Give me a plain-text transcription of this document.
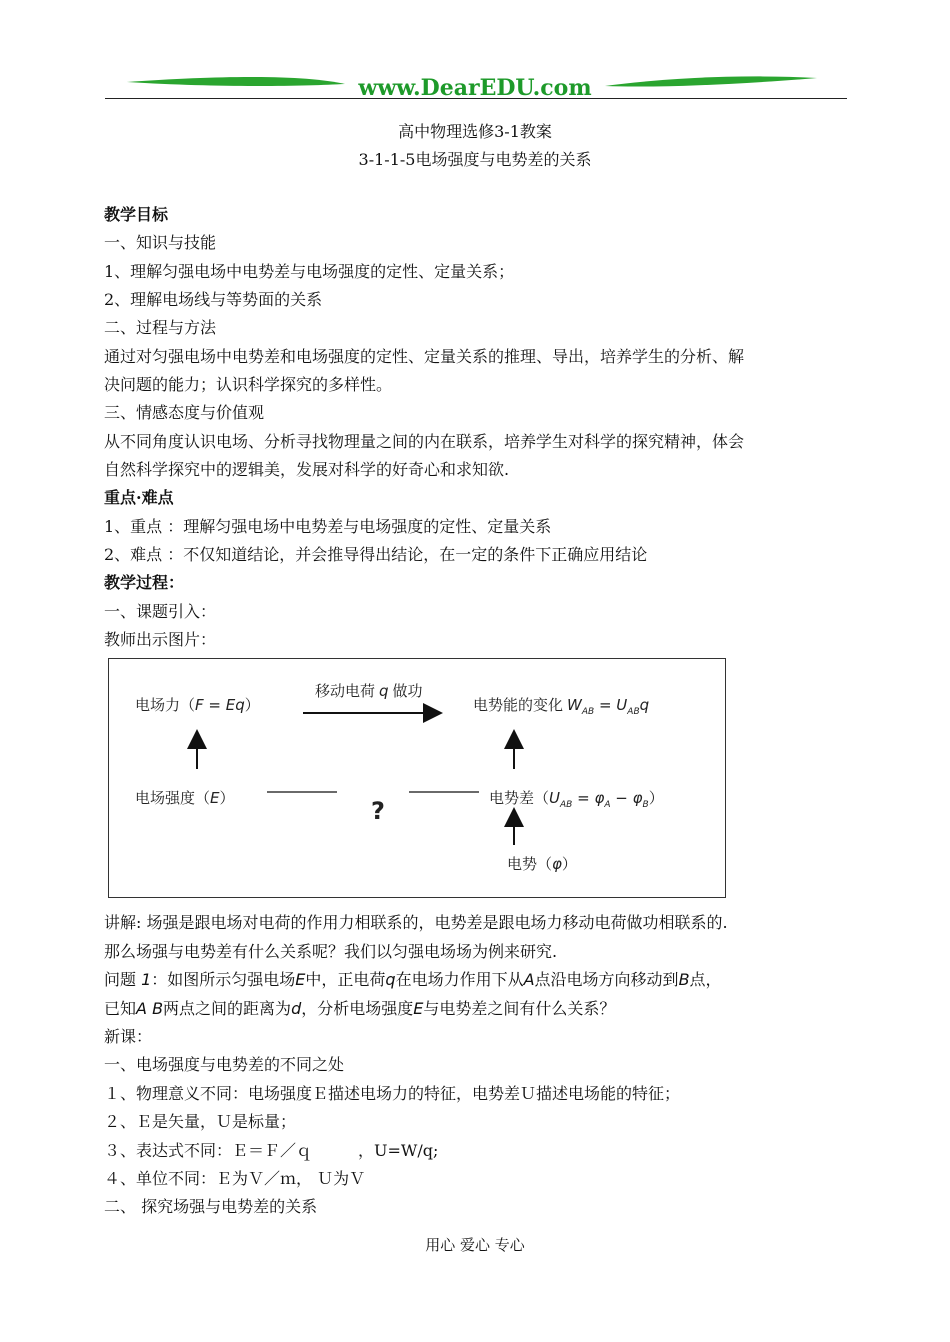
www.DearEDU.com
高中物理选修3-1教案
3-1-1-5电场强度与电势差的关系
教学目标
一、知识与技能
1、理解匀强电场中电势差与电场强度的定性、定量关系；
2、理解电场线与等势面的关系
二、过程与方法
通过对匀强电场中电势差和电场强度的定性、定量关系的推理、导出，培养学生的分析、解
决问题的能力；认识科学探究的多样性。
三、情感态度与价值观
从不同角度认识电场、分析寻找物理量之间的内在联系，培养学生对科学的探究精神，体会
自然科学探究中的逻辑美，发展对科学的好奇心和求知欲.
重点·难点
1、重点 ：理解匀强电场中电势差与电场强度的定性、定量关系
2、难点 ：不仅知道结论，并会推导得出结论，在一定的条件下正确应用结论
教学过程：
一、课题引入：
教师出示图片：
电场力（F = Eq）
移动电荷 q 做功
电势能的变化 $W_{AB} = U_{AB}q$
电场强度（E）	?	电势差$(U_{AB} = \varphi_A - \varphi_B)$
电势（φ）
讲解: 场强是跟电场对电荷的作用力相联系的，电势差是跟电场力移动电荷做功相联系的.
那么场强与电势差有什么关系呢？我们以匀强电场场为例来研究.
问题 1：如图所示匀强电场E中，正电荷q在电场力作用下从A点沿电场方向移动到B点，
已知A B两点之间的距离为d，分析电场强度E与电势差之间有什么关系？
新课：
一、电场强度与电势差的不同之处
１、物理意义不同：电场强度Ｅ描述电场力的特征，电势差Ｕ描述电场能的特征；
２、Ｅ是矢量，Ｕ是标量；
３、表达式不同：Ｅ＝Ｆ／ｑ	，U=W/q;
４、单位不同：Ｅ为Ｖ／ｍ， Ｕ为Ｖ
二、 探究场强与电势差的关系
用心 爱心 专心
